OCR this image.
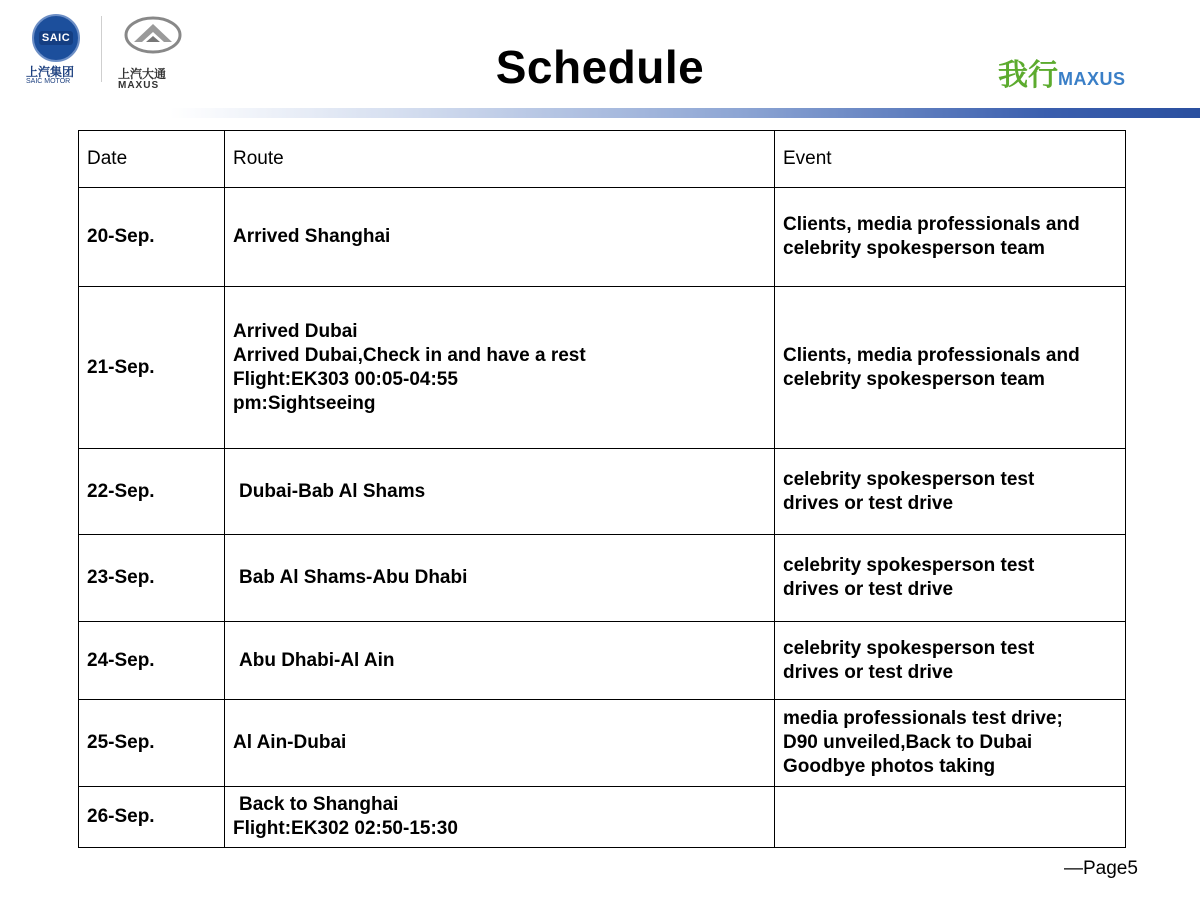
SAIC
上汽集团
SAIC MOTOR
上汽大通
MAXUS	Schedule	我行MAXUS
Date	Route	Event
20-Sep.	Arrived Shanghai	Clients, media professionals and
celebrity spokesperson team

21-Sep.	Arrived Dubai
Arrived Dubai,Check in and have a rest
Flight:EK303 00:05-04:55
pm:Sightseeing	Clients, media professionals and
celebrity spokesperson team

22-Sep.	Dubai-Bab Al Shams	celebrity spokesperson test
drives or test drive

23-Sep.	Bab Al Shams-Abu Dhabi	celebrity spokesperson test
drives or test drive

24-Sep.	Abu Dhabi-Al Ain	celebrity spokesperson test
drives or test drive

25-Sep.	Al Ain-Dubai	media professionals test drive;
D90 unveiled,Back to Dubai
Goodbye photos taking

26-Sep.	Back to Shanghai
Flight:EK302 02:50-15:30	

—Page5
